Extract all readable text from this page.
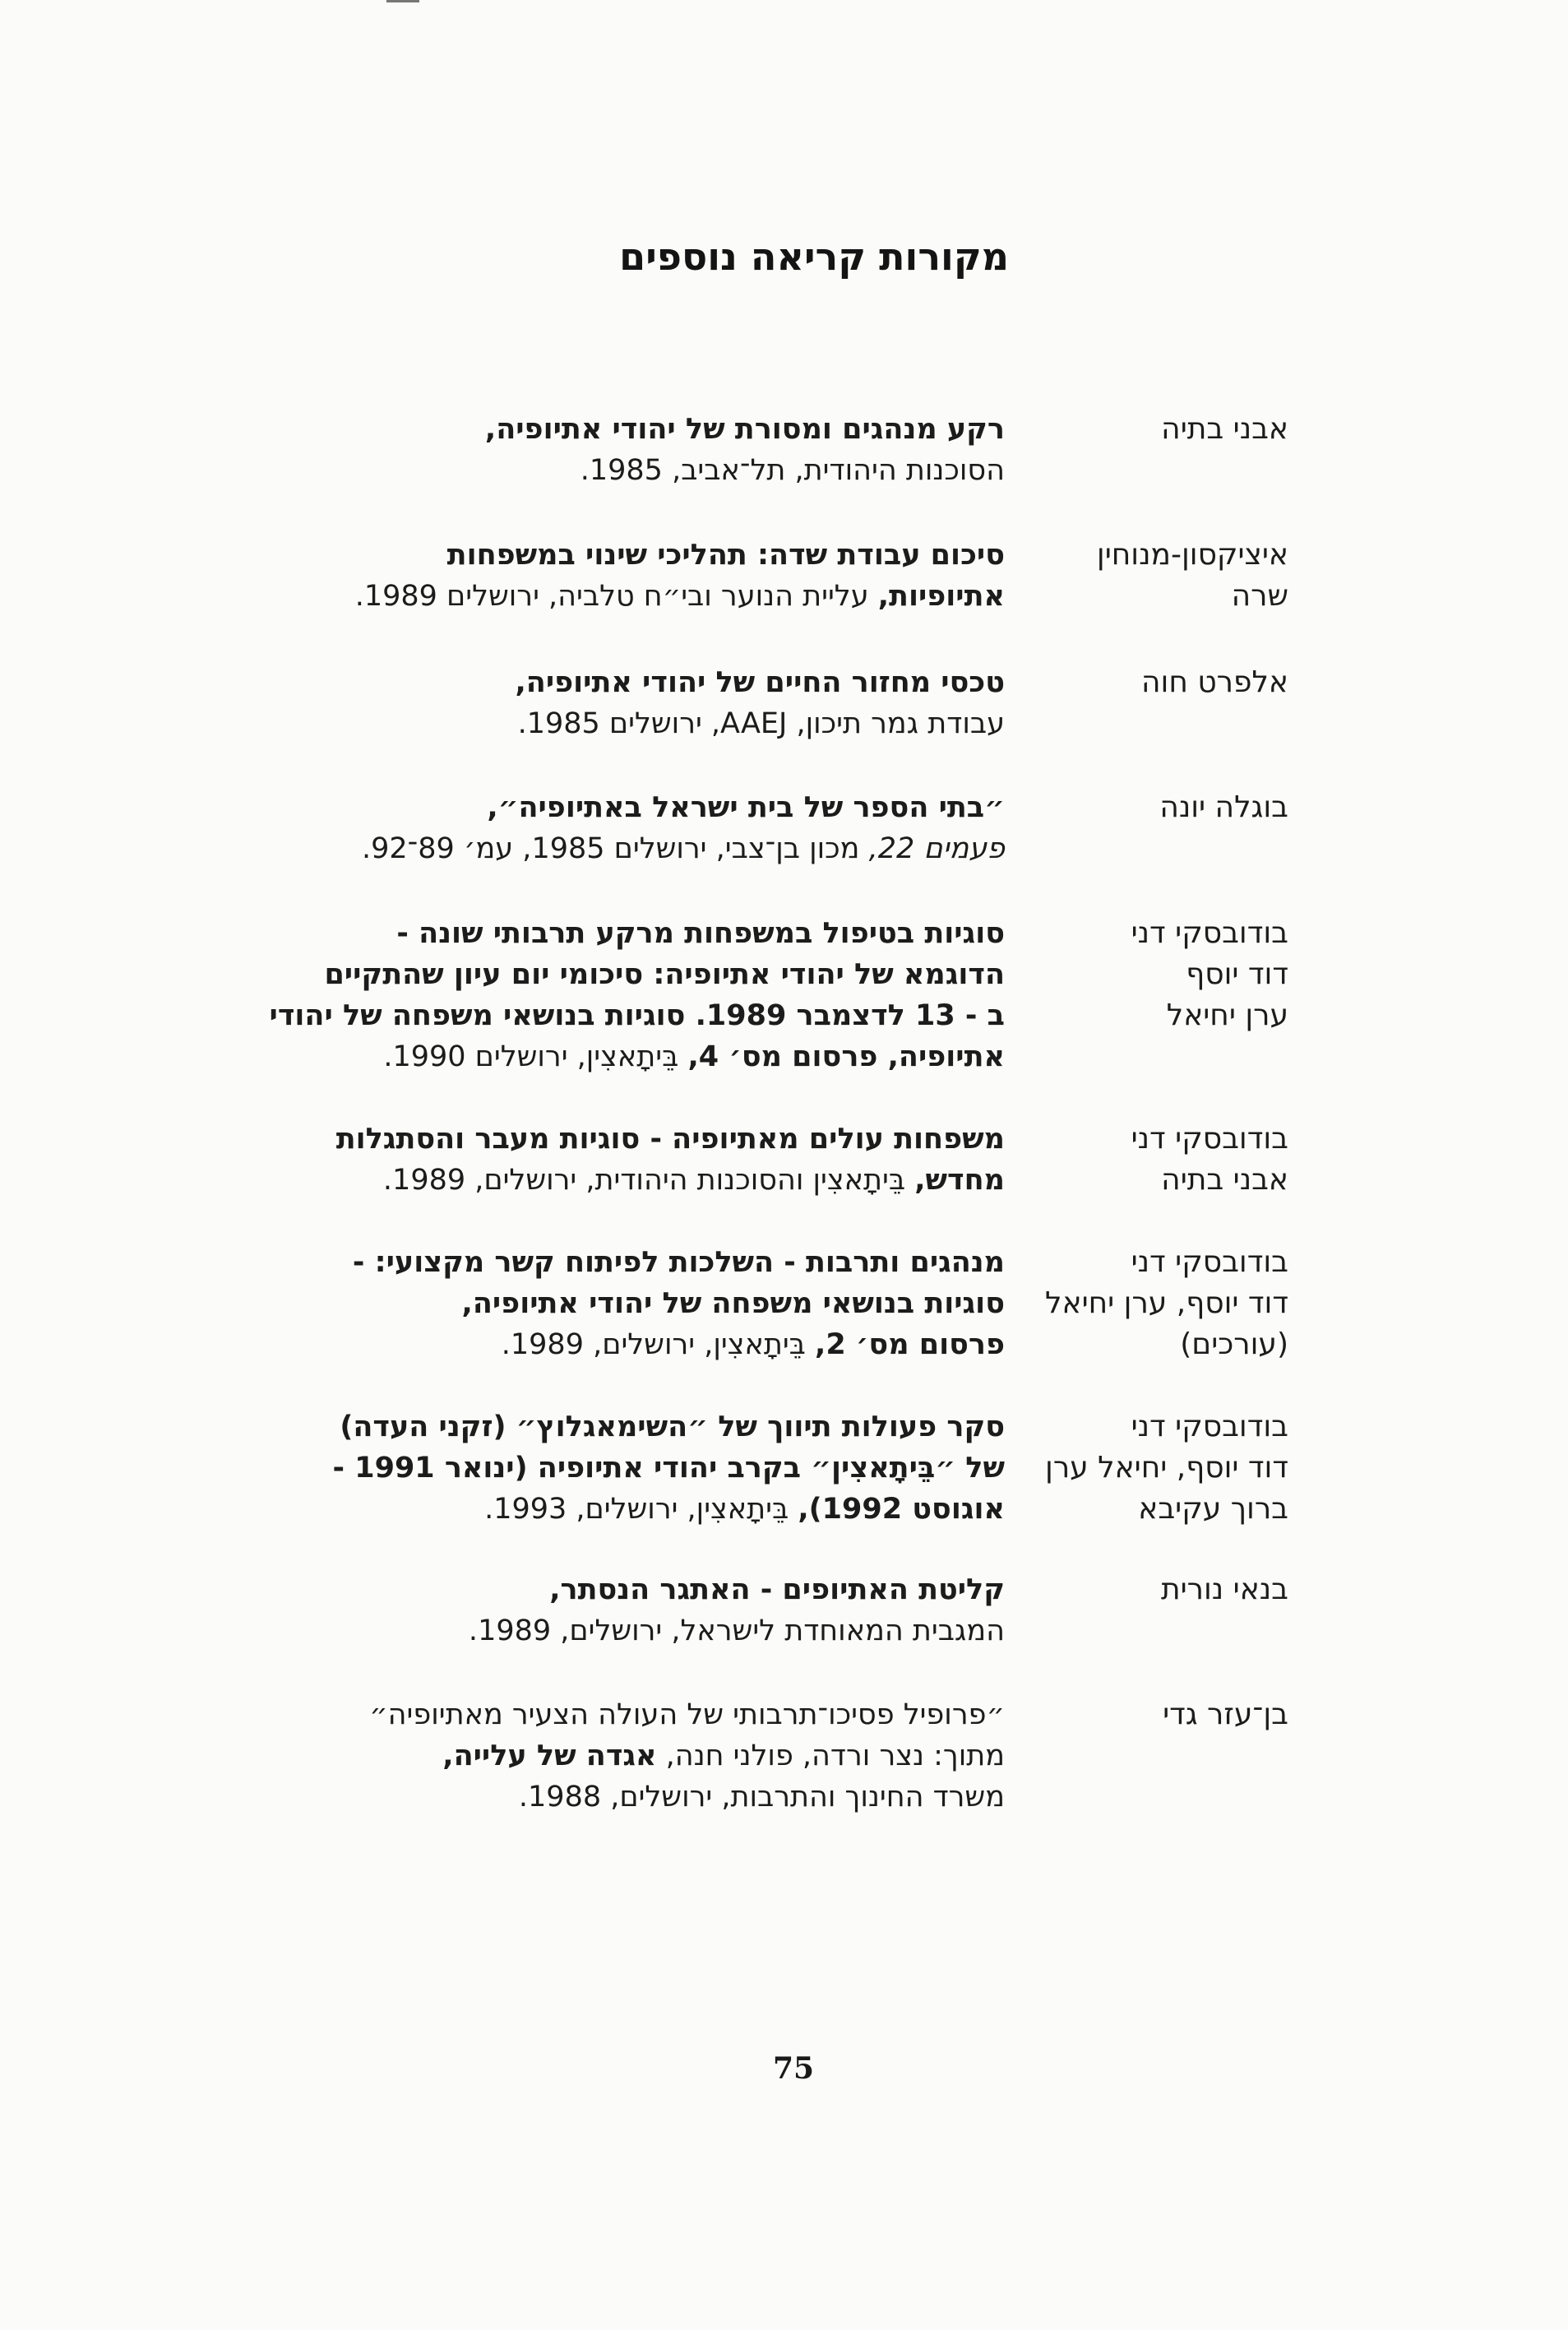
מקורות קריאה נוספים
אבני בתיה
רקע מנהגים ומסורת של יהודי אתיופיה,
הסוכנות היהודית, תל־אביב, 1985.
איציקסון-מנוחין
שרה
סיכום עבודת שדה: תהליכי שינוי במשפחות
אתיופיות, עליית הנוער ובי״ח טלביה, ירושלים 1989.
אלפרט חוה
טכסי מחזור החיים של יהודי אתיופיה,
עבודת גמר תיכון, AAEJ, ירושלים 1985.
בוגלה יונה
״בתי הספר של בית ישראל באתיופיה״,
פעמים 22, מכון בן־צבי, ירושלים 1985, עמ׳ 89־92.
בודובסקי דני
דוד יוסף
ערן יחיאל
סוגיות בטיפול במשפחות מרקע תרבותי שונה -
הדוגמא של יהודי אתיופיה: סיכומי יום עיון שהתקיים
ב - 13 לדצמבר 1989. סוגיות בנושאי משפחה של יהודי
אתיופיה, פרסום מס׳ 4, בֵּיתָאצִין, ירושלים 1990.
בודובסקי דני
אבני בתיה
משפחות עולים מאתיופיה - סוגיות מעבר והסתגלות
מחדש, בֵּיתָאצִין והסוכנות היהודית, ירושלים, 1989.
בודובסקי דני
דוד יוסף, ערן יחיאל
(עורכים)
מנהגים ותרבות - השלכות לפיתוח קשר מקצועי: -
סוגיות בנושאי משפחה של יהודי אתיופיה,
פרסום מס׳ 2, בֵּיתָאצִין, ירושלים, 1989.
בודובסקי דני
דוד יוסף, יחיאל ערן
ברוך עקיבא
סקר פעולות תיווך של ״השימאגלוץ״ (זקני העדה)
של ״בֵּיתָאצִין״ בקרב יהודי אתיופיה (ינואר 1991 -
אוגוסט 1992), בֵּיתָאצִין, ירושלים, 1993.
בנאי נורית
קליטת האתיופים - האתגר הנסתר,
המגבית המאוחדת לישראל, ירושלים, 1989.
בן־עזר גדי
״פרופיל פסיכו־תרבותי של העולה הצעיר מאתיופיה״
מתוך: נצר ורדה, פולני חנה, אגדה של עלייה,
משרד החינוך והתרבות, ירושלים, 1988.
75
